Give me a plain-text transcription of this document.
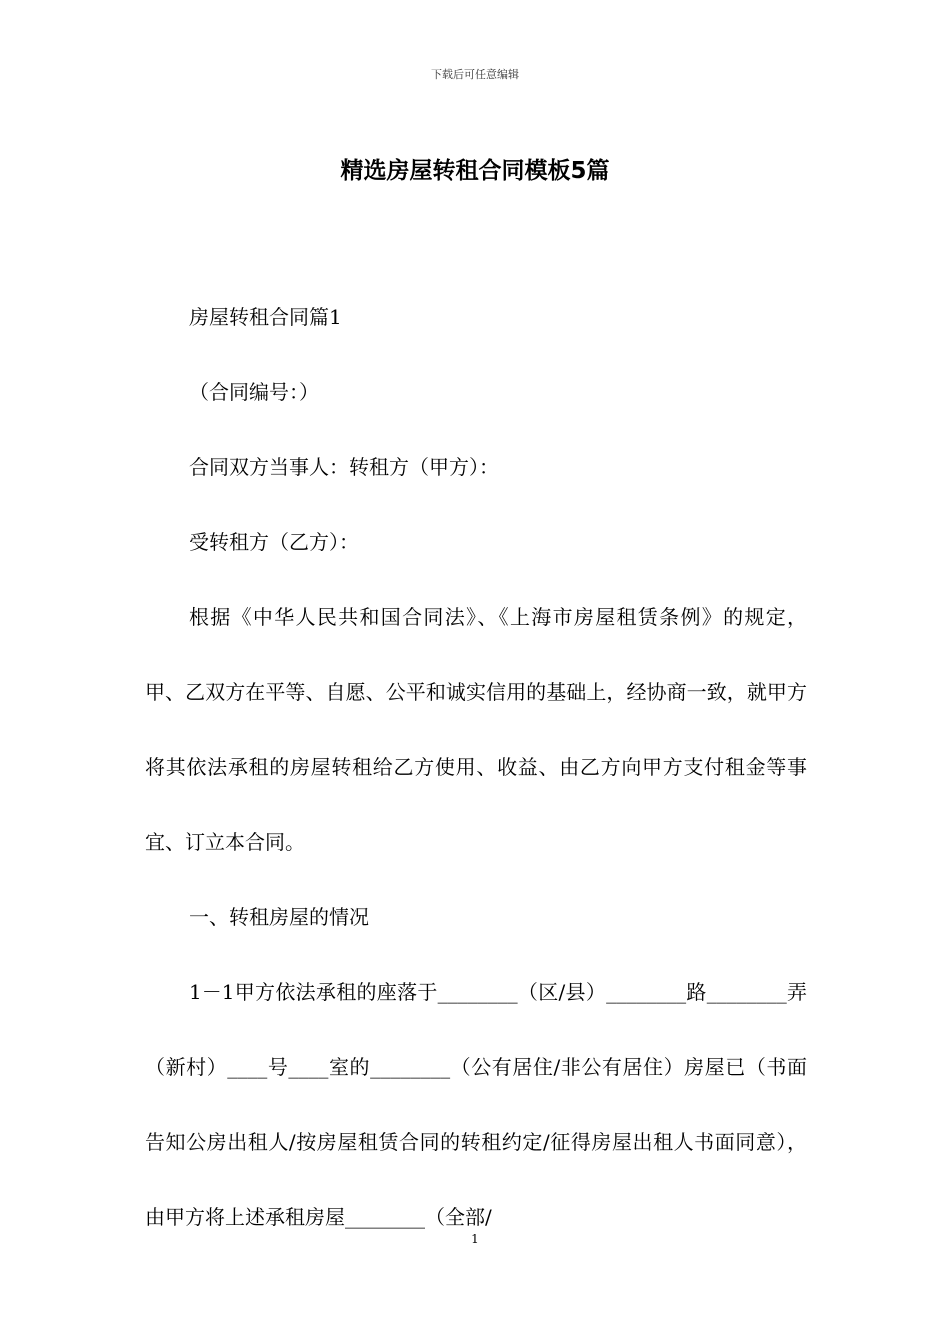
下载后可任意编辑
精选房屋转租合同模板5篇

房屋转租合同篇1

（合同编号：）

合同双方当事人：转租方（甲方）：

受转租方（乙方）：

根据《中华人民共和国合同法》、《上海市房屋租赁条例》的规定，甲、乙双方在平等、自愿、公平和诚实信用的基础上，经协商一致，就甲方将其依法承租的房屋转租给乙方使用、收益、由乙方向甲方支付租金等事宜、订立本合同。

一、转租房屋的情况

1－1甲方依法承租的座落于________（区/县）________路________弄（新村）____号____室的________（公有居住/非公有居住）房屋已（书面告知公房出租人/按房屋租赁合同的转租约定/征得房屋出租人书面同意），由甲方将上述承租房屋________（全部/

1
